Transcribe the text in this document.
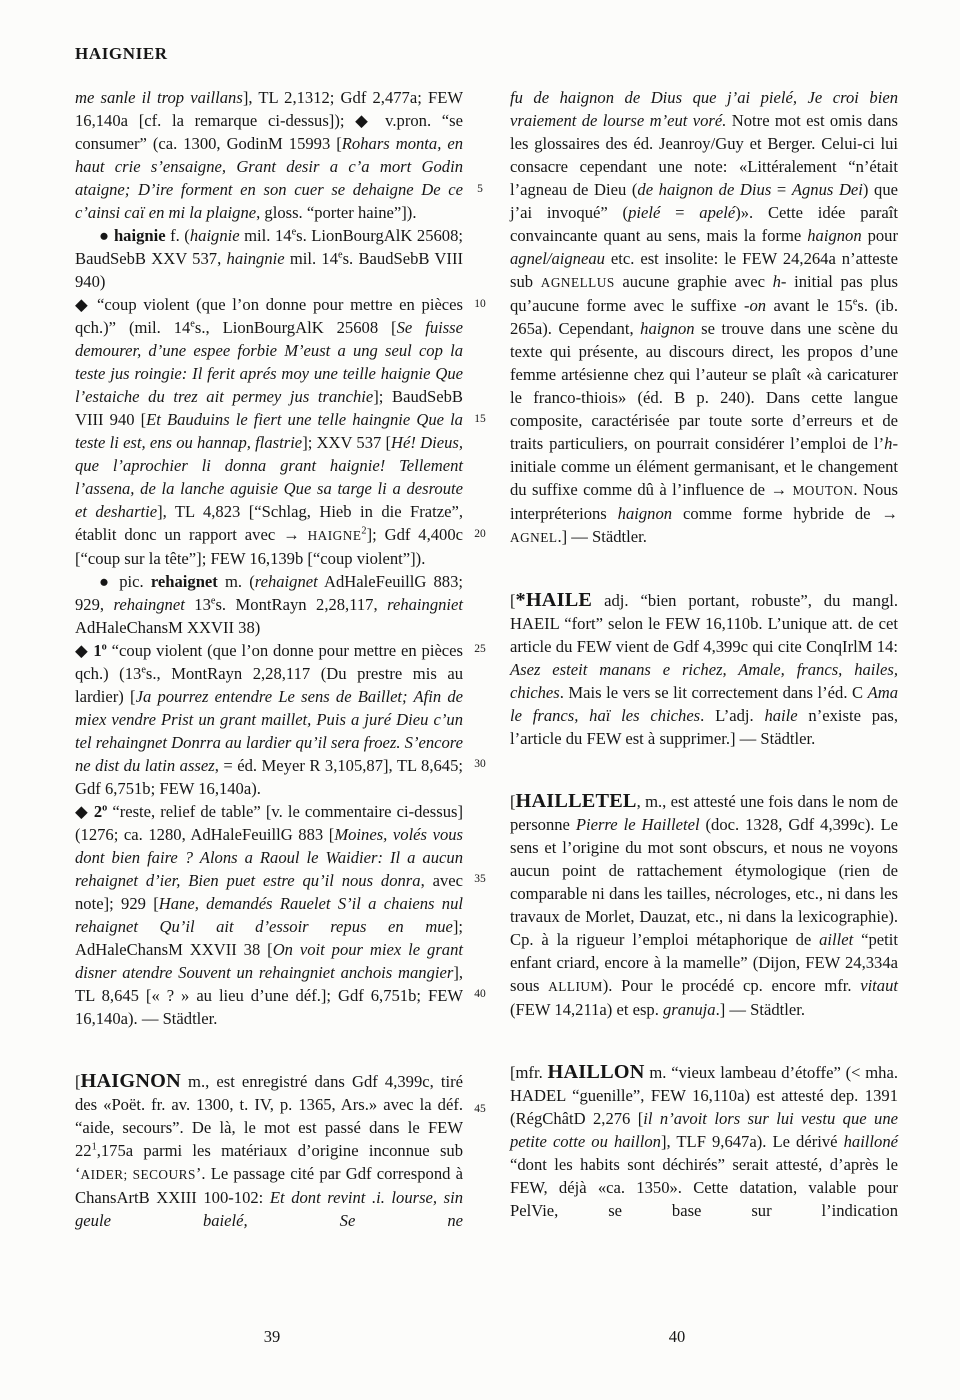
HAIGNIER

me sanle il trop vaillans], TL 2,1312; Gdf 2,477a; FEW 16,140a [cf. la remarque ci-dessus]); ◆ v.pron. “se consumer” (ca. 1300, GodinM 15993 [Rohars monta, en haut crie s’ensaigne, Grant desir a c’a mort Godin ataigne; D’ire forment en son cuer se dehaigne De ce c’ainsi caï en mi la plaigne, gloss. “porter haine”]).

● haignie f. (haignie mil. 14es. LionBourgAlK 25608; BaudSebB XXV 537, haingnie mil. 14es. BaudSebB VIII 940)

◆ “coup violent (que l’on donne pour mettre en pièces qch.)” (mil. 14es., LionBourgAlK 25608 [Se fuisse demourer, d’une espee forbie M’eust a ung seul cop la teste jus roingie: Il ferit aprés moy une teille haignie Que l’estaiche du trez ait permey jus tranchie]; BaudSebB VIII 940 [Et Bauduins le fiert une telle haingnie Que la teste li est, ens ou hannap, flastrie]; XXV 537 [Hé! Dieus, que l’aprochier li donna grant haignie! Tellement l’assena, de la lanche aguisie Que sa targe li a desroute et deshartie], TL 4,823 [“Schlag, Hieb in die Fratze”, établit donc un rapport avec → $HAIGNE^2$]; Gdf 4,400c [“coup sur la tête”]; FEW 16,139b [“coup violent”]).

● pic. rehaignet m. (rehaignet AdHaleFeuillG 883; 929, rehaingnet 13es. MontRayn 2,28,117, rehaingniet AdHaleChansM XXVII 38)

◆ 1$^o$ “coup violent (que l’on donne pour mettre en pièces qch.) (13es., MontRayn 2,28,117 (Du prestre mis au lardier) [Ja pourrez entendre Le sens de Baillet; Afin de miex vendre Prist un grant maillet, Puis a juré Dieu c’un tel rehaingnet Donrra au lardier qu’il sera froez. S’encore ne dist du latin assez, = éd. Meyer R 3,105,87], TL 8,645; Gdf 6,751b; FEW 16,140a).

◆ 2$^o$ “reste, relief de table” [v. le commentaire ci-dessus] (1276; ca. 1280, AdHaleFeuillG 883 [Moines, volés vous dont bien faire ? Alons a Raoul le Waidier: Il a aucun rehaignet d’ier, Bien puet estre qu’il nous donra, avec note]; 929 [Hane, demandés Rauelet S’il a chaiens nul rehaignet Qu’il ait d’essoir repus en mue]; AdHaleChansM XXVII 38 [On voit pour miex le grant disner atendre Souvent un rehaingniet anchois mangier], TL 8,645 [« ? » au lieu d’une déf.]; Gdf 6,751b; FEW 16,140a). — Städtler.

[HAIGNON m., est enregistré dans Gdf 4,399c, tiré des «Poët. fr. av. 1300, t. IV, p. 1365, Ars.» avec la déf. “aide, secours”. De là, le mot est passé dans le FEW $22^1,175a$ parmi les matériaux d’origine inconnue sub ‘AIDER; SECOURS’. Le passage cité par Gdf correspond à ChansArtB XXIII 100-102: Et dont revint .i. lourse, sin geule baielé, Se ne

fu de haignon de Dius que j’ai pielé, Je croi bien vraiement de lourse m’eut voré. Notre mot est omis dans les glossaires des éd. Jeanroy/Guy et Berger. Celui-ci lui consacre cependant une note: «Littéralement “n’était l’agneau de Dieu (de haignon de Dius = Agnus Dei) que j’ai invoqué” (pielé = apelé)». Cette idée paraît convaincante quant au sens, mais la forme haignon pour agnel/aigneau etc. est insolite: le FEW 24,264a n’atteste sub AGNELLUS aucune graphie avec h- initial pas plus qu’aucune forme avec le suffixe -on avant le 15es. (ib. 265a). Cependant, haignon se trouve dans une scène du texte qui présente, au discours direct, les propos d’une femme artésienne chez qui l’auteur se plaît «à caricaturer le franco-thiois» (éd. B p. 240). Dans cette langue composite, caractérisée par toute sorte d’erreurs et de traits particuliers, on pourrait considérer l’emploi de l’h- initiale comme un élément germanisant, et le changement du suffixe comme dû à l’influence de → MOUTON. Nous interpréterions haignon comme forme hybride de → AGNEL.] — Städtler.

[*HAILE adj. “bien portant, robuste”, du mangl. HAEIL “fort” selon le FEW 16,110b. L’unique att. de cet article du FEW vient de Gdf 4,399c qui cite ConqIrlM 14: Asez esteit manans e richez, Amale, francs, hailes, chiches. Mais le vers se lit correctement dans l’éd. C Ama le francs, haï les chiches. L’adj. haile n’existe pas, l’article du FEW est à supprimer.] — Städtler.

[HAILLETEL, m., est attesté une fois dans le nom de personne Pierre le Hailletel (doc. 1328, Gdf 4,399c). Le sens et l’origine du mot sont obscurs, et nous ne voyons aucun point de rattachement étymologique (rien de comparable ni dans les tailles, nécrologes, etc., ni dans les travaux de Morlet, Dauzat, etc., ni dans la lexicographie). Cp. à la rigueur l’emploi métaphorique de aillet “petit enfant criard, encore à la mamelle” (Dijon, FEW 24,334a sous ALLIUM). Pour le procédé cp. encore mfr. vitaut (FEW 14,211a) et esp. granuja.] — Städtler.

[mfr. HAILLON m. “vieux lambeau d’étoffe” (< mha. HADEL “guenille”, FEW 16,110a) est attesté dep. 1391 (RégChâtD 2,276 [il n’avoit lors sur lui vestu que une petite cotte ou haillon], TLF 9,647a). Le dérivé hailloné “dont les habits sont déchirés” serait attesté, d’après le FEW, déjà «ca. 1350». Cette datation, valable pour PelVie, se base sur l’indication

5
10
15
20
25
30
35
40
45
39	40
